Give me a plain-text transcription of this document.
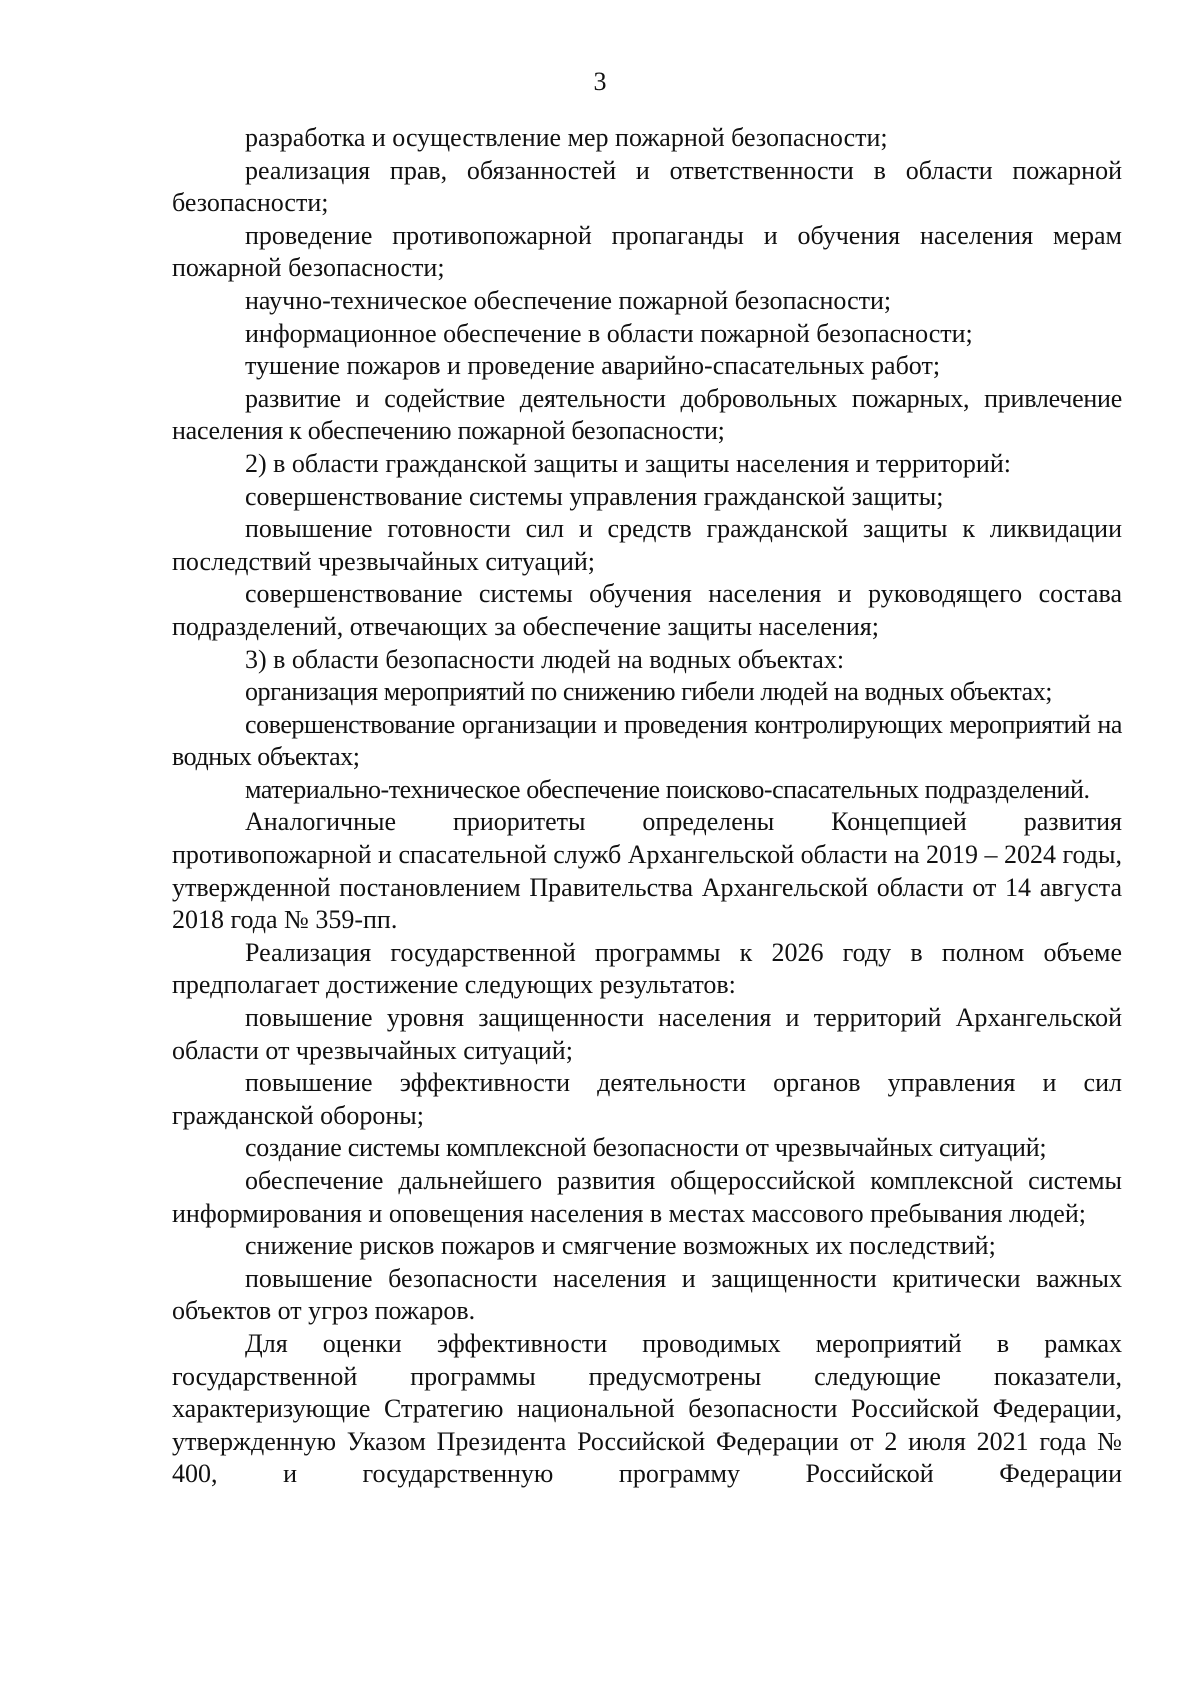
3

разработка и осуществление мер пожарной безопасности;

реализация прав, обязанностей и ответственности в области пожарной безопасности;

проведение противопожарной пропаганды и обучения населения мерам пожарной безопасности;

научно-техническое обеспечение пожарной безопасности;

информационное обеспечение в области пожарной безопасности;

тушение пожаров и проведение аварийно-спасательных работ;

развитие и содействие деятельности добровольных пожарных, привлечение населения к обеспечению пожарной безопасности;

2) в области гражданской защиты и защиты населения и территорий:

совершенствование системы управления гражданской защиты;

повышение готовности сил и средств гражданской защиты к ликвидации последствий чрезвычайных ситуаций;

совершенствование системы обучения населения и руководящего состава подразделений, отвечающих за обеспечение защиты населения;

3) в области безопасности людей на водных объектах:

организация мероприятий по снижению гибели людей на водных объектах;

совершенствование организации и проведения контролирующих мероприятий на водных объектах;

материально-техническое обеспечение поисково-спасательных подразделений.

Аналогичные приоритеты определены Концепцией развития противопожарной и спасательной служб Архангельской области на 2019 – 2024 годы, утвержденной постановлением Правительства Архангельской области от 14 августа 2018 года № 359-пп.

Реализация государственной программы к 2026 году в полном объеме предполагает достижение следующих результатов:

повышение уровня защищенности населения и территорий Архангельской области от чрезвычайных ситуаций;

повышение эффективности деятельности органов управления и сил гражданской обороны;

создание системы комплексной безопасности от чрезвычайных ситуаций;

обеспечение дальнейшего развития общероссийской комплексной системы информирования и оповещения населения в местах массового пребывания людей;

снижение рисков пожаров и смягчение возможных их последствий;

повышение безопасности населения и защищенности критически важных объектов от угроз пожаров.

Для оценки эффективности проводимых мероприятий в рамках государственной программы предусмотрены следующие показатели, характеризующие Стратегию национальной безопасности Российской Федерации, утвержденную Указом Президента Российской Федерации от 2 июля 2021 года № 400, и государственную программу Российской Федерации
